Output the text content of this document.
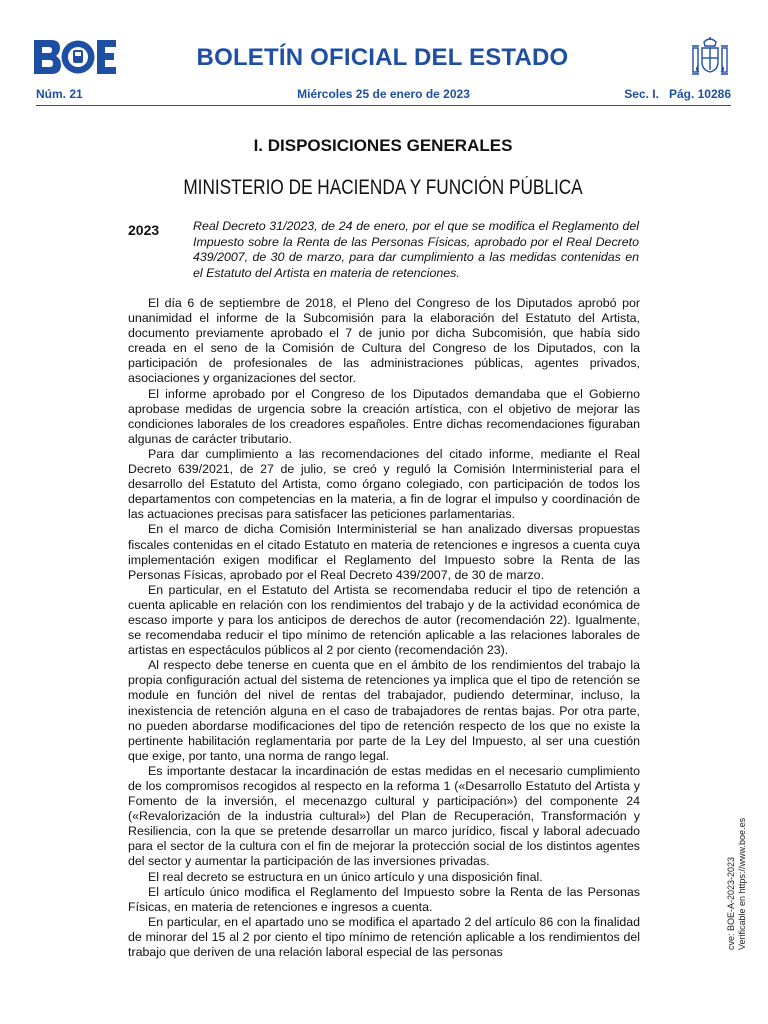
BOLETÍN OFICIAL DEL ESTADO
Núm. 21	Miércoles 25 de enero de 2023	Sec. I.   Pág. 10286
I. DISPOSICIONES GENERALES
MINISTERIO DE HACIENDA Y FUNCIÓN PÚBLICA
2023	Real Decreto 31/2023, de 24 de enero, por el que se modifica el Reglamento del Impuesto sobre la Renta de las Personas Físicas, aprobado por el Real Decreto 439/2007, de 30 de marzo, para dar cumplimiento a las medidas contenidas en el Estatuto del Artista en materia de retenciones.

El día 6 de septiembre de 2018, el Pleno del Congreso de los Diputados aprobó por unanimidad el informe de la Subcomisión para la elaboración del Estatuto del Artista, documento previamente aprobado el 7 de junio por dicha Subcomisión, que había sido creada en el seno de la Comisión de Cultura del Congreso de los Diputados, con la participación de profesionales de las administraciones públicas, agentes privados, asociaciones y organizaciones del sector.

El informe aprobado por el Congreso de los Diputados demandaba que el Gobierno aprobase medidas de urgencia sobre la creación artística, con el objetivo de mejorar las condiciones laborales de los creadores españoles. Entre dichas recomendaciones figuraban algunas de carácter tributario.

Para dar cumplimiento a las recomendaciones del citado informe, mediante el Real Decreto 639/2021, de 27 de julio, se creó y reguló la Comisión Interministerial para el desarrollo del Estatuto del Artista, como órgano colegiado, con participación de todos los departamentos con competencias en la materia, a fin de lograr el impulso y coordinación de las actuaciones precisas para satisfacer las peticiones parlamentarias.

En el marco de dicha Comisión Interministerial se han analizado diversas propuestas fiscales contenidas en el citado Estatuto en materia de retenciones e ingresos a cuenta cuya implementación exigen modificar el Reglamento del Impuesto sobre la Renta de las Personas Físicas, aprobado por el Real Decreto 439/2007, de 30 de marzo.

En particular, en el Estatuto del Artista se recomendaba reducir el tipo de retención a cuenta aplicable en relación con los rendimientos del trabajo y de la actividad económica de escaso importe y para los anticipos de derechos de autor (recomendación 22). Igualmente, se recomendaba reducir el tipo mínimo de retención aplicable a las relaciones laborales de artistas en espectáculos públicos al 2 por ciento (recomendación 23).

Al respecto debe tenerse en cuenta que en el ámbito de los rendimientos del trabajo la propia configuración actual del sistema de retenciones ya implica que el tipo de retención se module en función del nivel de rentas del trabajador, pudiendo determinar, incluso, la inexistencia de retención alguna en el caso de trabajadores de rentas bajas. Por otra parte, no pueden abordarse modificaciones del tipo de retención respecto de los que no existe la pertinente habilitación reglamentaria por parte de la Ley del Impuesto, al ser una cuestión que exige, por tanto, una norma de rango legal.

Es importante destacar la incardinación de estas medidas en el necesario cumplimiento de los compromisos recogidos al respecto en la reforma 1 («Desarrollo Estatuto del Artista y Fomento de la inversión, el mecenazgo cultural y participación») del componente 24 («Revalorización de la industria cultural») del Plan de Recuperación, Transformación y Resiliencia, con la que se pretende desarrollar un marco jurídico, fiscal y laboral adecuado para el sector de la cultura con el fin de mejorar la protección social de los distintos agentes del sector y aumentar la participación de las inversiones privadas.

El real decreto se estructura en un único artículo y una disposición final.

El artículo único modifica el Reglamento del Impuesto sobre la Renta de las Personas Físicas, en materia de retenciones e ingresos a cuenta.

En particular, en el apartado uno se modifica el apartado 2 del artículo 86 con la finalidad de minorar del 15 al 2 por ciento el tipo mínimo de retención aplicable a los rendimientos del trabajo que deriven de una relación laboral especial de las personas

cve: BOE-A-2023-2023 Verificable en https://www.boe.es
